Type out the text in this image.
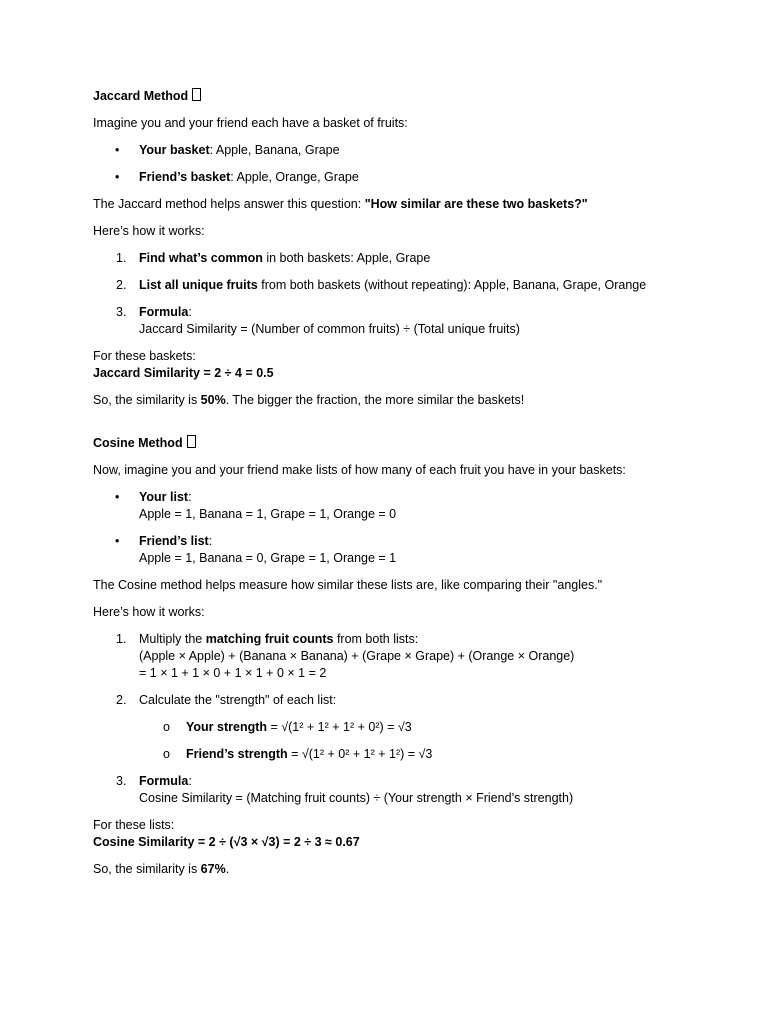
Jaccard Method

Imagine you and your friend each have a basket of fruits:

• Your basket: Apple, Banana, Grape
• Friend’s basket: Apple, Orange, Grape

The Jaccard method helps answer this question: "How similar are these two baskets?"

Here’s how it works:

1. Find what’s common in both baskets: Apple, Grape
2. List all unique fruits from both baskets (without repeating): Apple, Banana, Grape, Orange
3. Formula:
Jaccard Similarity = (Number of common fruits) ÷ (Total unique fruits)

For these baskets:

Jaccard Similarity = 2 ÷ 4 = 0.5

So, the similarity is 50%. The bigger the fraction, the more similar the baskets!

Cosine Method

Now, imagine you and your friend make lists of how many of each fruit you have in your baskets:

• Your list:
Apple = 1, Banana = 1, Grape = 1, Orange = 0
• Friend’s list:
Apple = 1, Banana = 0, Grape = 1, Orange = 1

The Cosine method helps measure how similar these lists are, like comparing their "angles."

Here’s how it works:

1. Multiply the matching fruit counts from both lists:
(Apple × Apple) + (Banana × Banana) + (Grape × Grape) + (Orange × Orange)
= 1 × 1 + 1 × 0 + 1 × 1 + 0 × 1 = 2
2. Calculate the "strength" of each list:
o Your strength = √(1² + 1² + 1² + 0²) = √3
o Friend’s strength = √(1² + 0² + 1² + 1²) = √3
3. Formula:
Cosine Similarity = (Matching fruit counts) ÷ (Your strength × Friend’s strength)

For these lists:

Cosine Similarity = 2 ÷ (√3 × √3) = 2 ÷ 3 ≈ 0.67

So, the similarity is 67%.
